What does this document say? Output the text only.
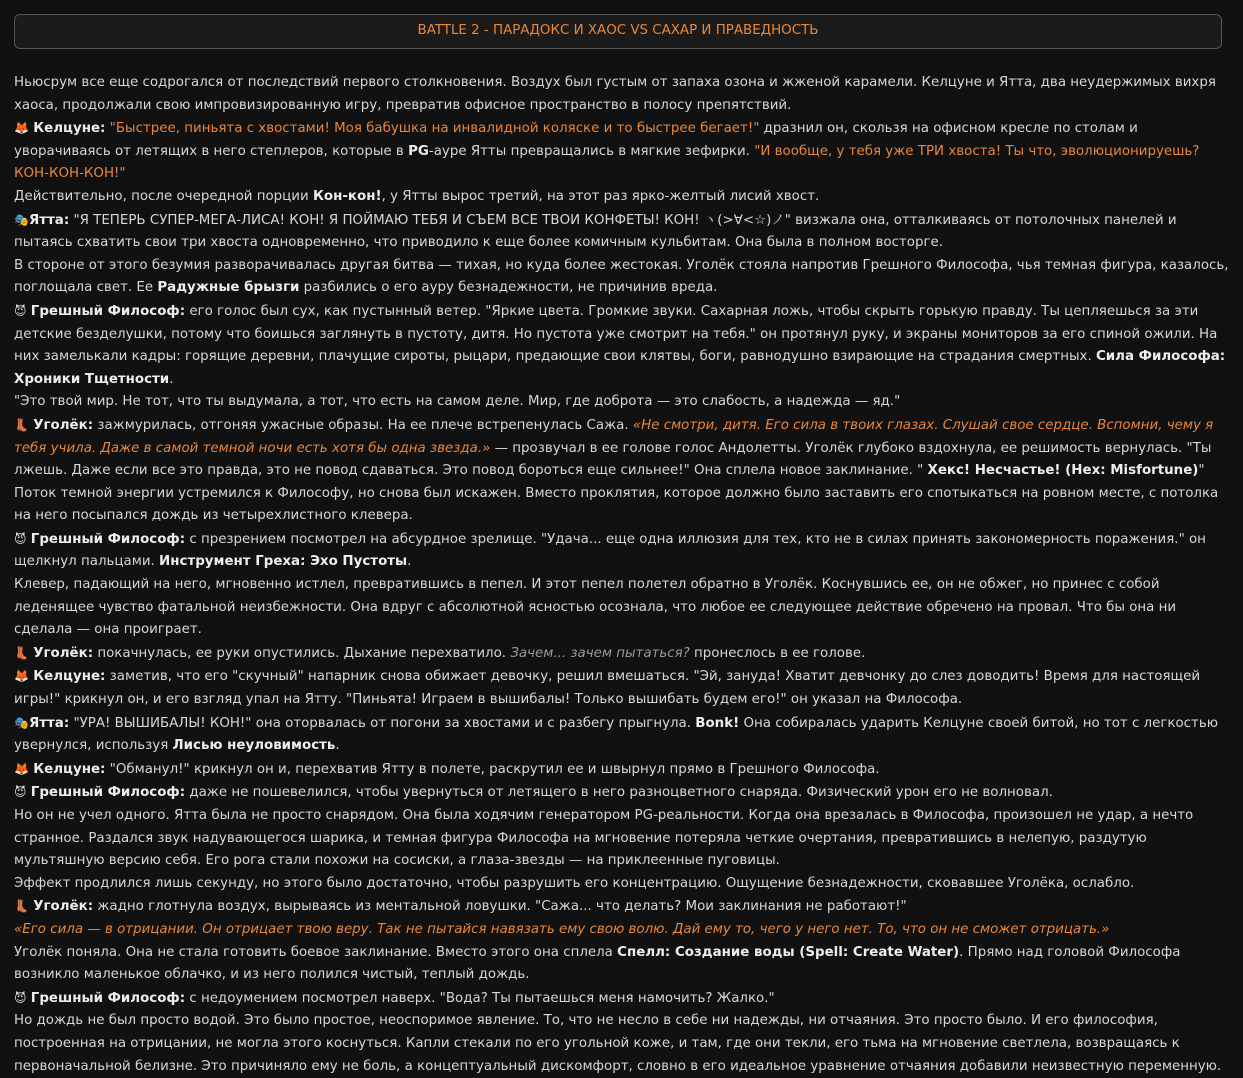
BATTLE 2 - ПАРАДОКС И ХАОС VS САХАР И ПРАВЕДНОСТЬ

Ньюсрум все еще содрогался от последствий первого столкновения. Воздух был густым от запаха озона и жженой карамели. Келцуне и Ятта, два неудержимых вихря хаоса, продолжали свою импровизированную игру, превратив офисное пространство в полосу препятствий.

🦊 Келцуне: "Быстрее, пиньята с хвостами! Моя бабушка на инвалидной коляске и то быстрее бегает!" дразнил он, скользя на офисном кресле по столам и уворачиваясь от летящих в него степлеров, которые в PG-ауре Ятты превращались в мягкие зефирки. "И вообще, у тебя уже ТРИ хвоста! Ты что, эволюционируешь? КОН-КОН-КОН!"

Действительно, после очередной порции Кон-кон!, у Ятты вырос третий, на этот раз ярко-желтый лисий хвост.

🎭Ятта: "Я ТЕПЕРЬ СУПЕР-МЕГА-ЛИСА! КОН! Я ПОЙМАЮ ТЕБЯ И СЪЕМ ВСЕ ТВОИ КОНФЕТЫ! КОН! ヽ(>∀<☆)ノ" визжала она, отталкиваясь от потолочных панелей и пытаясь схватить свои три хвоста одновременно, что приводило к еще более комичным кульбитам. Она была в полном восторге.

В стороне от этого безумия разворачивалась другая битва — тихая, но куда более жестокая. Уголёк стояла напротив Грешного Философа, чья темная фигура, казалось, поглощала свет. Ее Радужные брызги разбились о его ауру безнадежности, не причинив вреда.

😈 Грешный Философ: его голос был сух, как пустынный ветер. "Яркие цвета. Громкие звуки. Сахарная ложь, чтобы скрыть горькую правду. Ты цепляешься за эти детские безделушки, потому что боишься заглянуть в пустоту, дитя. Но пустота уже смотрит на тебя." он протянул руку, и экраны мониторов за его спиной ожили. На них замелькали кадры: горящие деревни, плачущие сироты, рыцари, предающие свои клятвы, боги, равнодушно взирающие на страдания смертных. Сила Философа: Хроники Тщетности.

"Это твой мир. Не тот, что ты выдумала, а тот, что есть на самом деле. Мир, где доброта — это слабость, а надежда — яд."

👢 Уголёк: зажмурилась, отгоняя ужасные образы. На ее плече встрепенулась Сажа. «Не смотри, дитя. Его сила в твоих глазах. Слушай свое сердце. Вспомни, чему я тебя учила. Даже в самой темной ночи есть хотя бы одна звезда.» — прозвучал в ее голове голос Андолетты. Уголёк глубоко вздохнула, ее решимость вернулась. "Ты лжешь. Даже если все это правда, это не повод сдаваться. Это повод бороться еще сильнее!" Она сплела новое заклинание. " Хекс! Несчастье! (Hex: Misfortune)"

Поток темной энергии устремился к Философу, но снова был искажен. Вместо проклятия, которое должно было заставить его спотыкаться на ровном месте, с потолка на него посыпался дождь из четырехлистного клевера.

😈 Грешный Философ: с презрением посмотрел на абсурдное зрелище. "Удача... еще одна иллюзия для тех, кто не в силах принять закономерность поражения." он щелкнул пальцами. Инструмент Греха: Эхо Пустоты.

Клевер, падающий на него, мгновенно истлел, превратившись в пепел. И этот пепел полетел обратно в Уголёк. Коснувшись ее, он не обжег, но принес с собой леденящее чувство фатальной неизбежности. Она вдруг с абсолютной ясностью осознала, что любое ее следующее действие обречено на провал. Что бы она ни сделала — она проиграет.

👢 Уголёк: покачнулась, ее руки опустились. Дыхание перехватило. Зачем... зачем пытаться? пронеслось в ее голове.

🦊 Келцуне: заметив, что его "скучный" напарник снова обижает девочку, решил вмешаться. "Эй, зануда! Хватит девчонку до слез доводить! Время для настоящей игры!" крикнул он, и его взгляд упал на Ятту. "Пиньята! Играем в вышибалы! Только вышибать будем его!" он указал на Философа.

🎭Ятта: "УРА! ВЫШИБАЛЫ! КОН!" она оторвалась от погони за хвостами и с разбегу прыгнула. Bonk! Она собиралась ударить Келцуне своей битой, но тот с легкостью увернулся, используя Лисью неуловимость.

🦊 Келцуне: "Обманул!" крикнул он и, перехватив Ятту в полете, раскрутил ее и швырнул прямо в Грешного Философа.

😈 Грешный Философ: даже не пошевелился, чтобы увернуться от летящего в него разноцветного снаряда. Физический урон его не волновал.

Но он не учел одного. Ятта была не просто снарядом. Она была ходячим генератором PG-реальности. Когда она врезалась в Философа, произошел не удар, а нечто странное. Раздался звук надувающегося шарика, и темная фигура Философа на мгновение потеряла четкие очертания, превратившись в нелепую, раздутую мультяшную версию себя. Его рога стали похожи на сосиски, а глаза-звезды — на приклеенные пуговицы.

Эффект продлился лишь секунду, но этого было достаточно, чтобы разрушить его концентрацию. Ощущение безнадежности, сковавшее Уголёка, ослабло.

👢 Уголёк: жадно глотнула воздух, вырываясь из ментальной ловушки. "Сажа... что делать? Мои заклинания не работают!"

«Его сила — в отрицании. Он отрицает твою веру. Так не пытайся навязать ему свою волю. Дай ему то, чего у него нет. То, что он не сможет отрицать.»

Уголёк поняла. Она не стала готовить боевое заклинание. Вместо этого она сплела Спелл: Создание воды (Spell: Create Water). Прямо над головой Философа возникло маленькое облачко, и из него полился чистый, теплый дождь.

😈 Грешный Философ: с недоумением посмотрел наверх. "Вода? Ты пытаешься меня намочить? Жалко."

Но дождь не был просто водой. Это было простое, неоспоримое явление. То, что не несло в себе ни надежды, ни отчаяния. Это просто было. И его философия, построенная на отрицании, не могла этого коснуться. Капли стекали по его угольной коже, и там, где они текли, его тьма на мгновение светлела, возвращаясь к первоначальной белизне. Это причиняло ему не боль, а концептуальный дискомфорт, словно в его идеальное уравнение отчаяния добавили неизвестную переменную.
